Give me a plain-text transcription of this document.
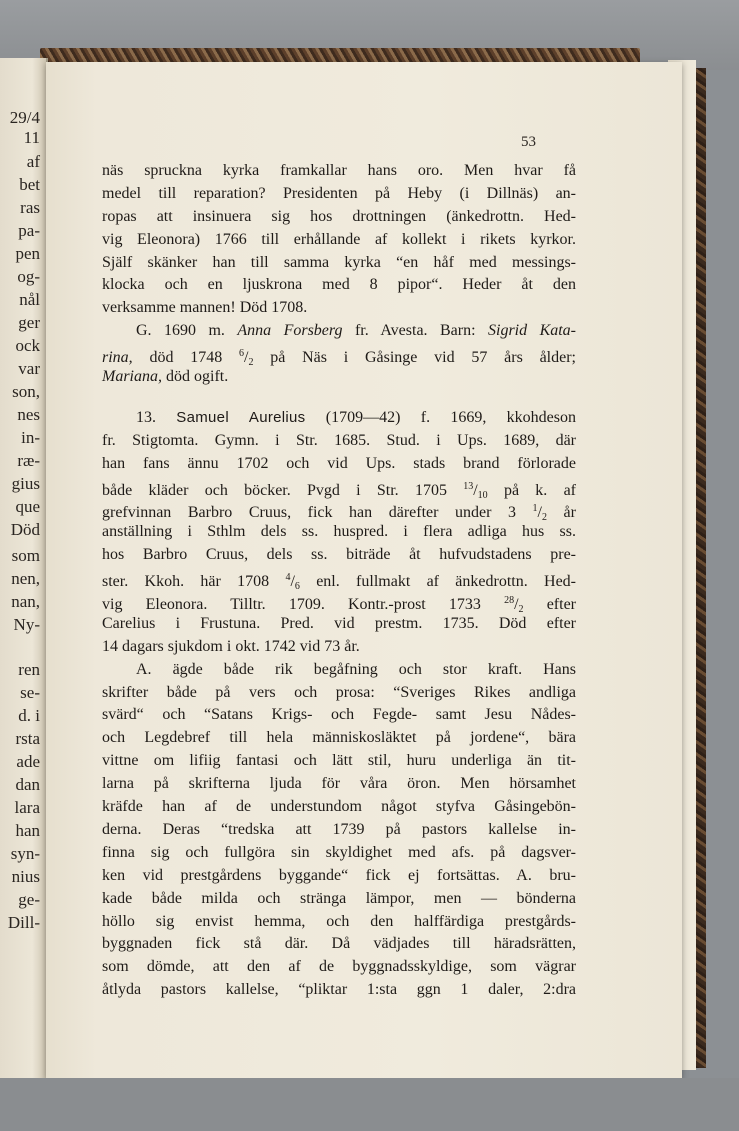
29/4
11
af
bet
ras
pa-
pen
og-
nål
ger
ock
var
son,
nes
in-
ræ-
gius
que
Död
som
nen,
nan,
Ny-
ren
se-
d. i
rsta
ade
dan
lara
han
syn-
nius
ge-
Dill-
53
näs spruckna kyrka framkallar hans oro. Men hvar få
medel till reparation? Presidenten på Heby (i Dillnäs) an-
ropas att insinuera sig hos drottningen (änkedrottn. Hed-
vig Eleonora) 1766 till erhållande af kollekt i rikets kyrkor.
Själf skänker han till samma kyrka “en håf med messings-
klocka och en ljuskrona med 8 pipor“. Heder åt den
verksamme mannen! Död 1708.
G. 1690 m. Anna Forsberg fr. Avesta. Barn: Sigrid Kata-
rina, död 1748 $^6/_2$ på Näs i Gåsinge vid 57 års ålder;
Mariana, död ogift.
13. Samuel Aurelius (1709—42) f. 1669, kkohdeson
fr. Stigtomta. Gymn. i Str. 1685. Stud. i Ups. 1689, där
han fans ännu 1702 och vid Ups. stads brand förlorade
både kläder och böcker. Pvgd i Str. 1705 $^{13}/_{10}$ på k. af
grefvinnan Barbro Cruus, fick han därefter under 3 $^1/_2$ år
anställning i Sthlm dels ss. huspred. i flera adliga hus ss.
hos Barbro Cruus, dels ss. biträde åt hufvudstadens pre-
ster. Kkoh. här 1708 $^4/_6$ enl. fullmakt af änkedrottn. Hed-
vig Eleonora. Tilltr. 1709. Kontr.-prost 1733 $^{28}/_2$ efter
Carelius i Frustuna. Pred. vid prestm. 1735. Död efter
14 dagars sjukdom i okt. 1742 vid 73 år.
A. ägde både rik begåfning och stor kraft. Hans
skrifter både på vers och prosa: “Sveriges Rikes andliga
svärd“ och “Satans Krigs- och Fegde- samt Jesu Nådes-
och Legdebref till hela människosläktet på jordene“, bära
vittne om lifiig fantasi och lätt stil, huru underliga än tit-
larna på skrifterna ljuda för våra öron. Men hörsamhet
kräfde han af de understundom något styfva Gåsingebön-
derna. Deras “tredska att 1739 på pastors kallelse in-
finna sig och fullgöra sin skyldighet med afs. på dagsver-
ken vid prestgårdens byggande“ fick ej fortsättas. A. bru-
kade både milda och stränga lämpor, men — bönderna
höllo sig envist hemma, och den halffärdiga prestgårds-
byggnaden fick stå där. Då vädjades till häradsrätten,
som dömde, att den af de byggnadsskyldige, som vägrar
åtlyda pastors kallelse, “pliktar 1:sta ggn 1 daler, 2:dra
